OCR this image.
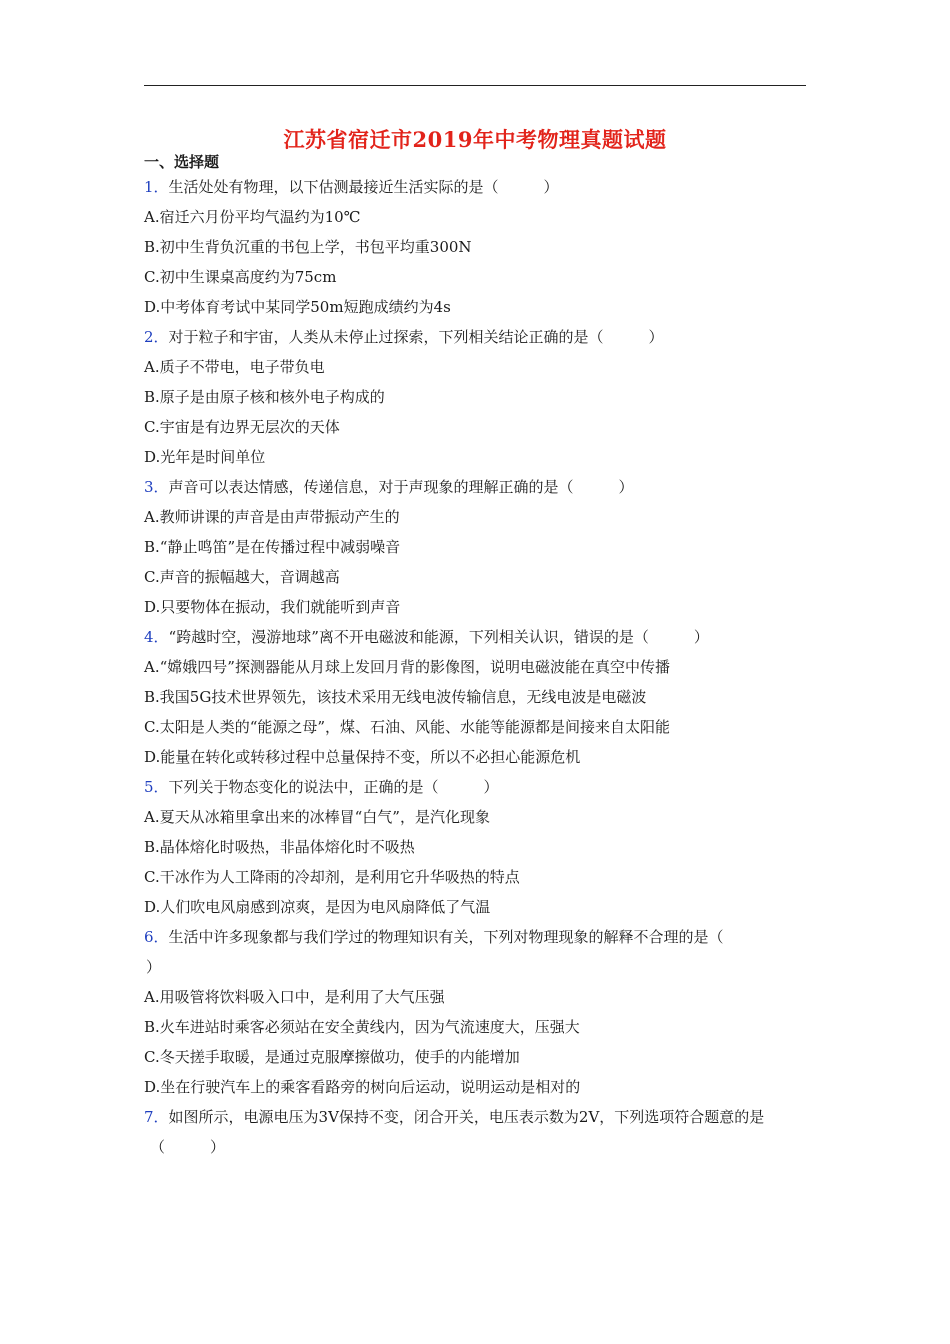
江苏省宿迁市2019年中考物理真题试题
一、选择题
1．生活处处有物理，以下估测最接近生活实际的是（　　　）
A.宿迁六月份平均气温约为10℃
B.初中生背负沉重的书包上学，书包平均重300N
C.初中生课桌高度约为75cm
D.中考体育考试中某同学50m短跑成绩约为4s
2．对于粒子和宇宙，人类从未停止过探索，下列相关结论正确的是（　　　）
A.质子不带电，电子带负电
B.原子是由原子核和核外电子构成的
C.宇宙是有边界无层次的天体
D.光年是时间单位
3．声音可以表达情感，传递信息，对于声现象的理解正确的是（　　　）
A.教师讲课的声音是由声带振动产生的
B.“静止鸣笛”是在传播过程中减弱噪音
C.声音的振幅越大，音调越高
D.只要物体在振动，我们就能听到声音
4．“跨越时空，漫游地球”离不开电磁波和能源，下列相关认识，错误的是（　　　）
A.“嫦娥四号”探测器能从月球上发回月背的影像图，说明电磁波能在真空中传播
B.我国5G技术世界领先，该技术采用无线电波传输信息，无线电波是电磁波
C.太阳是人类的“能源之母”，煤、石油、风能、水能等能源都是间接来自太阳能
D.能量在转化或转移过程中总量保持不变，所以不必担心能源危机
5．下列关于物态变化的说法中，正确的是（　　　）
A.夏天从冰箱里拿出来的冰棒冒“白气”，是汽化现象
B.晶体熔化时吸热，非晶体熔化时不吸热
C.干冰作为人工降雨的冷却剂，是利用它升华吸热的特点
D.人们吹电风扇感到凉爽，是因为电风扇降低了气温
6．生活中许多现象都与我们学过的物理知识有关，下列对物理现象的解释不合理的是（
）
A.用吸管将饮料吸入口中，是利用了大气压强
B.火车进站时乘客必须站在安全黄线内，因为气流速度大，压强大
C.冬天搓手取暖，是通过克服摩擦做功，使手的内能增加
D.坐在行驶汽车上的乘客看路旁的树向后运动，说明运动是相对的
7．如图所示，电源电压为3V保持不变，闭合开关，电压表示数为2V，下列选项符合题意的是
（　　　）
